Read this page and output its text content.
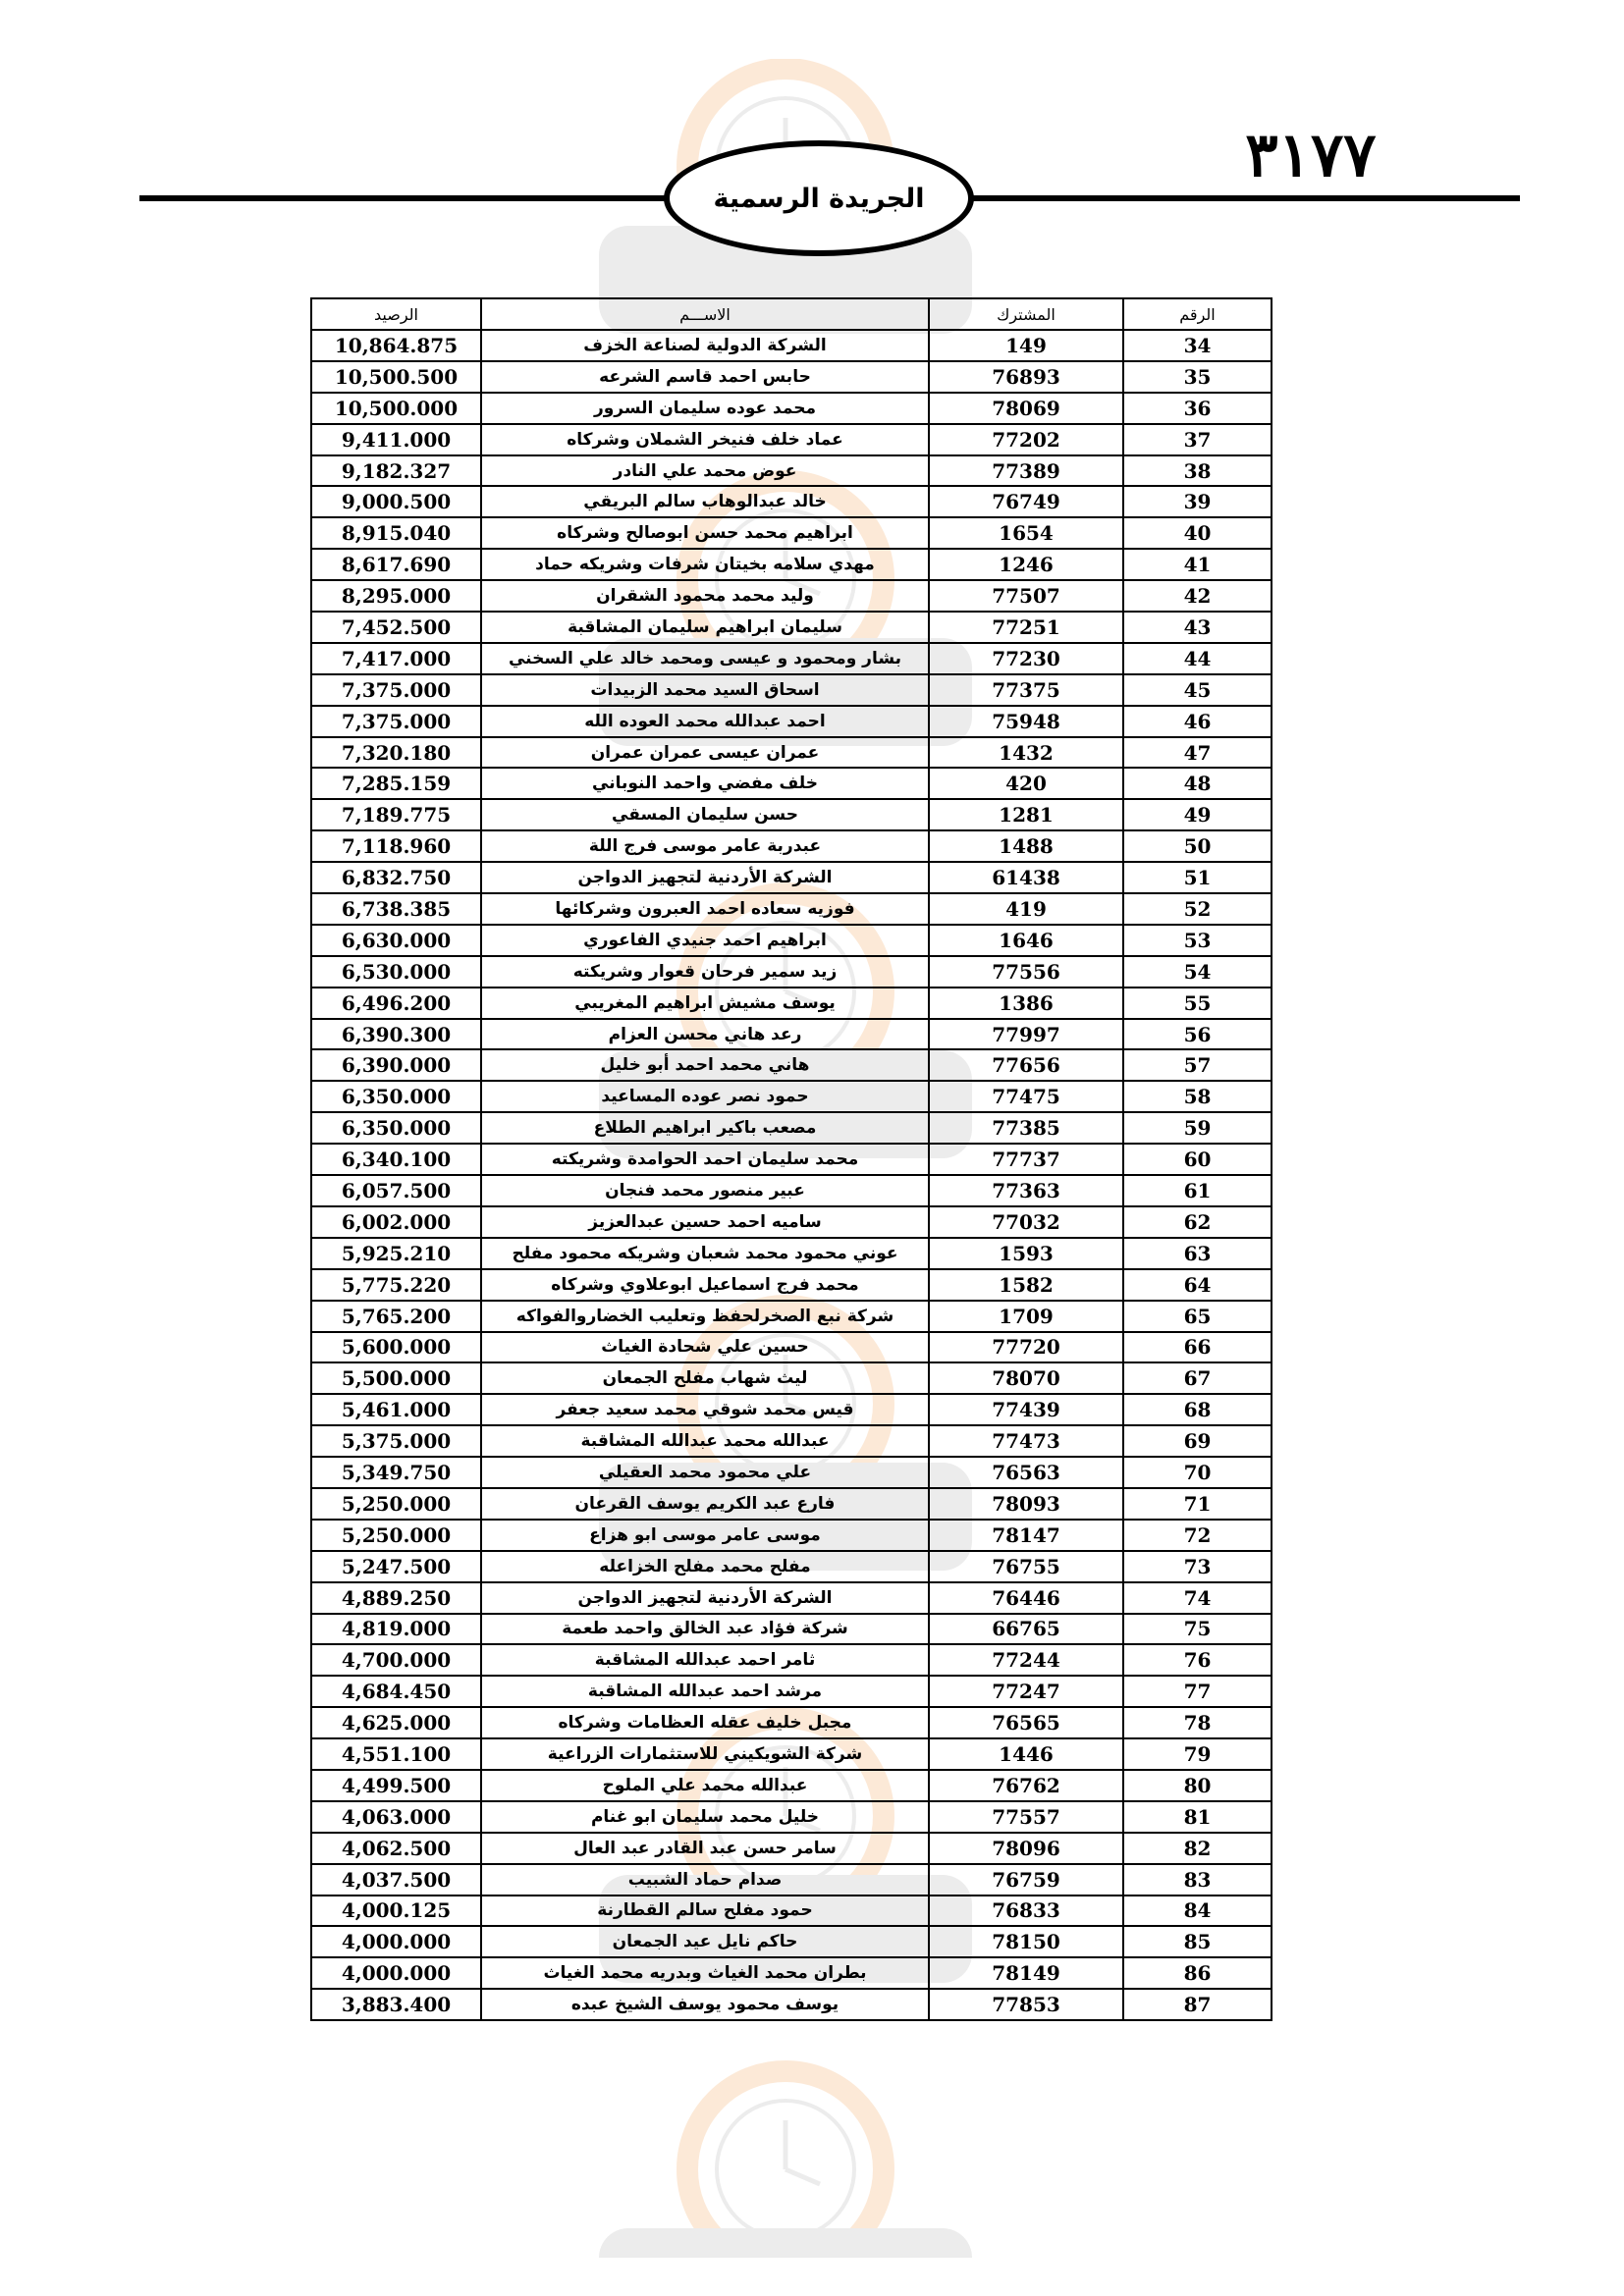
٣١٧٧
الجريدة الرسمية
الرقم	المشترك	الاســـم	الرصيد
34	149	الشركة الدولية لصناعة الخزف	10,864.875
35	76893	حابس احمد قاسم الشرعه	10,500.500
36	78069	محمد عوده سليمان السرور	10,500.000
37	77202	عماد خلف فنيخر الشملان وشركاه	9,411.000
38	77389	عوض محمد علي النادر	9,182.327
39	76749	خالد عبدالوهاب سالم البريقي	9,000.500
40	1654	ابراهيم محمد حسن ابوصالح وشركاه	8,915.040
41	1246	مهدي سلامه بخيتان شرفات وشريكه حماد	8,617.690
42	77507	وليد محمد محمود الشقران	8,295.000
43	77251	سليمان ابراهيم سليمان المشاقبة	7,452.500
44	77230	بشار ومحمود و عيسى ومحمد خالد علي السخني	7,417.000
45	77375	اسحاق السيد محمد الزبيدات	7,375.000
46	75948	احمد عبدالله محمد العوده الله	7,375.000
47	1432	عمران عيسى عمران عمران	7,320.180
48	420	خلف مفضي واحمد النوباني	7,285.159
49	1281	حسن سليمان المسقي	7,189.775
50	1488	عبدربة عامر موسى فرج اللة	7,118.960
51	61438	الشركة الأردنية لتجهيز الدواجن	6,832.750
52	419	فوزيه سعاده احمد العبرون وشركائها	6,738.385
53	1646	ابراهيم احمد جنيدي الفاعوري	6,630.000
54	77556	زيد سمير فرحان قعوار وشريكته	6,530.000
55	1386	يوسف مشيش ابراهيم المغريبي	6,496.200
56	77997	رعد هاني محسن العزام	6,390.300
57	77656	هاني محمد احمد أبو خليل	6,390.000
58	77475	حمود نصر عوده المساعيد	6,350.000
59	77385	مصعب باكير ابراهيم الطلاع	6,350.000
60	77737	محمد سليمان احمد الحوامدة وشريكته	6,340.100
61	77363	عبير منصور محمد فنجان	6,057.500
62	77032	ساميه احمد حسين عبدالعزيز	6,002.000
63	1593	عوني محمود محمد شعبان وشريكه محمود مفلح	5,925.210
64	1582	محمد فرج اسماعيل ابوعلاوي وشركاه	5,775.220
65	1709	شركة نبع الصخرلحفظ وتعليب الخضاروالفواكه	5,765.200
66	77720	حسين علي شحادة الغياث	5,600.000
67	78070	ليث شهاب مفلح الجمعان	5,500.000
68	77439	قيس محمد شوقي محمد سعيد جعفر	5,461.000
69	77473	عبدالله محمد عبدالله المشاقبة	5,375.000
70	76563	علي محمود محمد العقيلي	5,349.750
71	78093	فارع عبد الكريم يوسف القرعان	5,250.000
72	78147	موسى عامر موسى ابو هزاع	5,250.000
73	76755	مفلح محمد مفلح الخزاعله	5,247.500
74	76446	الشركة الأردنية لتجهيز الدواجن	4,889.250
75	66765	شركة فؤاد عبد الخالق واحمد طعمة	4,819.000
76	77244	ثامر احمد عبدالله المشاقبة	4,700.000
77	77247	مرشد احمد عبدالله المشاقبة	4,684.450
78	76565	مجبل خليف عقله العظامات وشركاه	4,625.000
79	1446	شركة الشويكيني للاستثمارات الزراعية	4,551.100
80	76762	عبدالله محمد علي الملوح	4,499.500
81	77557	خليل محمد سليمان ابو غنام	4,063.000
82	78096	سامر حسن عبد القادر عبد العال	4,062.500
83	76759	صدام حماد الشبيب	4,037.500
84	76833	حمود مفلح سالم القطارنة	4,000.125
85	78150	حاكم نايل عيد الجمعان	4,000.000
86	78149	بطران محمد الغياث وبدريه محمد الغياث	4,000.000
87	77853	يوسف محمود يوسف الشيخ عبده	3,883.400
